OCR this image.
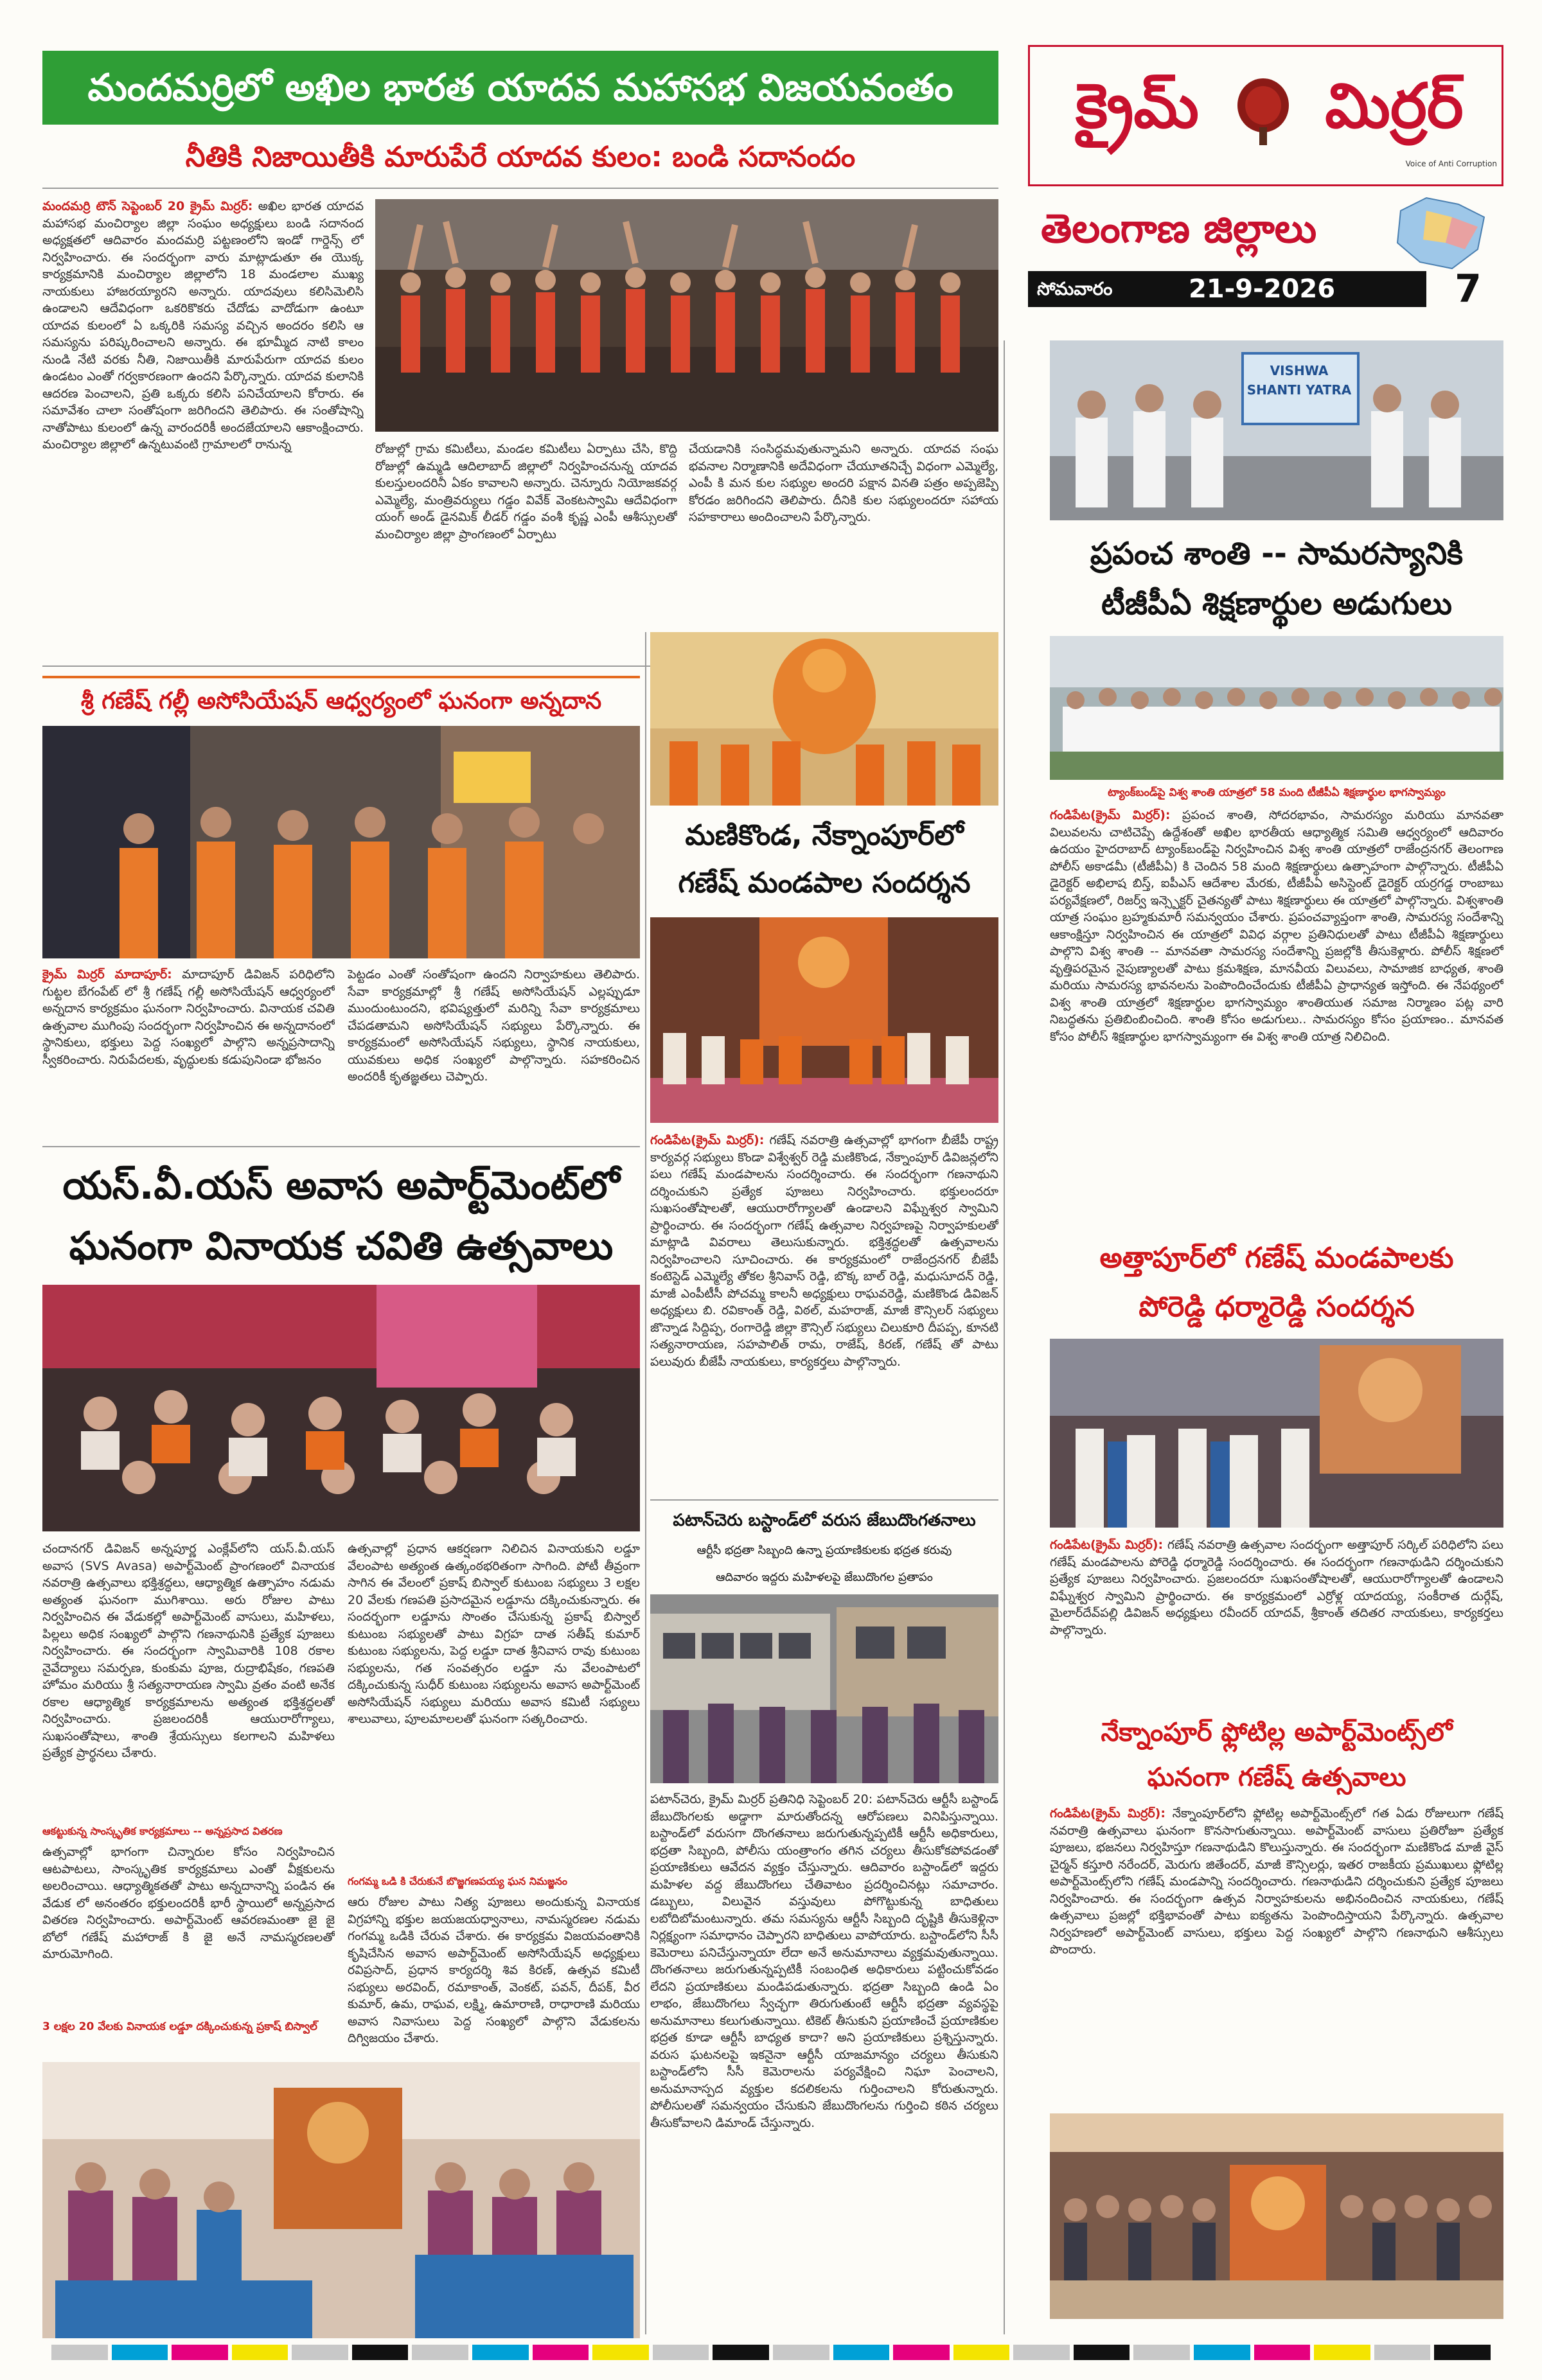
మందమర్రిలో అఖిల భారత యాదవ మహాసభ విజయవంతం
నీతికి నిజాయితీకి మారుపేరే యాదవ కులం: బండి సదానందం
మందమర్రి టౌన్ సెప్టెంబర్ 20 క్రైమ్ మిర్రర్: అఖిల భారత యాదవ మహాసభ మంచిర్యాల జిల్లా సంఘం అధ్యక్షులు బండి సదానంద అధ్యక్షతలో ఆదివారం మందమర్రి పట్టణంలోని ఇండో గార్డెన్స్ లో నిర్వహించారు. ఈ సందర్భంగా వారు మాట్లాడుతూ ఈ యొక్క కార్యక్రమానికి మంచిర్యాల జిల్లాలోని 18 మండలాల ముఖ్య నాయకులు హాజరయ్యారని అన్నారు. యాదవులు కలిసిమెలిసి ఉండాలని ఆదేవిధంగా ఒకరికొకరు చేదోడు వాదోడుగా ఉంటూ యాదవ కులంలో ఏ ఒక్కరికి సమస్య వచ్చిన అందరం కలిసి ఆ సమస్యను పరిష్కరించాలని అన్నారు. ఈ భూమ్మీద నాటి కాలం నుండి నేటి వరకు నీతి, నిజాయితీకి మారుపేరుగా యాదవ కులం ఉండటం ఎంతో గర్వకారణంగా ఉందని పేర్కొన్నారు. యాదవ కులానికి ఆదరణ పెంచాలని, ప్రతి ఒక్కరు కలిసి పనిచేయాలని కోరారు. ఈ సమావేశం చాలా సంతోషంగా జరిగిందని తెలిపారు. ఈ సంతోషాన్ని నాతోపాటు కులంలో ఉన్న వారందరికీ అందజేయాలని ఆకాంక్షించారు. మంచిర్యాల జిల్లాలో ఉన్నటువంటి గ్రామాలలో రానున్న	రోజుల్లో గ్రామ కమిటీలు, మండల కమిటీలు ఏర్పాటు చేసి, కొద్ది రోజుల్లో ఉమ్మడి ఆదిలాబాద్ జిల్లాలో నిర్వహించనున్న యాదవ కులస్తులందరినీ ఏకం కావాలని అన్నారు. చెన్నూరు నియోజకవర్గ ఎమ్మెల్యే, మంత్రివర్యులు గడ్డం వివేక్ వెంకటస్వామి ఆదేవిధంగా యంగ్ అండ్ డైనమిక్ లీడర్ గడ్డం వంశీ కృష్ణ ఎంపీ ఆశీస్సులతో మంచిర్యాల జిల్లా ప్రాంగణంలో ఏర్పాటు
చేయడానికి సంసిద్ధమవుతున్నామని అన్నారు. యాదవ సంఘ భవనాల నిర్మాణానికి అదేవిధంగా చేయూతనిచ్చే విధంగా ఎమ్మెల్యే, ఎంపీ కి మన కుల సభ్యుల అందరి పక్షాన వినతి పత్రం అప్పజెప్పి కోరడం జరిగిందని తెలిపారు. దీనికి కుల సభ్యులందరూ సహాయ సహకారాలు అందించాలని పేర్కొన్నారు.
శ్రీ గణేష్ గల్లీ అసోసియేషన్ ఆధ్వర్యంలో ఘనంగా అన్నదాన
క్రైమ్ మిర్రర్ మాదాపూర్: మాదాపూర్ డివిజన్ పరిధిలోని గుట్టల బేగంపేట్ లో శ్రీ గణేష్ గల్లీ అసోసియేషన్ ఆధ్వర్యంలో అన్నదాన కార్యక్రమం ఘనంగా నిర్వహించారు. వినాయక చవితి ఉత్సవాల ముగింపు సందర్భంగా నిర్వహించిన ఈ అన్నదానంలో స్థానికులు, భక్తులు పెద్ద సంఖ్యలో పాల్గొని అన్నప్రసాదాన్ని స్వీకరించారు. నిరుపేదలకు, వృద్ధులకు కడుపునిండా భోజనం
పెట్టడం ఎంతో సంతోషంగా ఉందని నిర్వాహకులు తెలిపారు. సేవా కార్యక్రమాల్లో శ్రీ గణేష్ అసోసియేషన్ ఎల్లప్పుడూ ముందుంటుందని, భవిష్యత్తులో మరిన్ని సేవా కార్యక్రమాలు చేపడతామని అసోసియేషన్ సభ్యులు పేర్కొన్నారు. ఈ కార్యక్రమంలో అసోసియేషన్ సభ్యులు, స్థానిక నాయకులు, యువకులు అధిక సంఖ్యలో పాల్గొన్నారు. సహకరించిన అందరికీ కృతజ్ఞతలు చెప్పారు.
యస్.వీ.యస్ అవాస అపార్ట్‌మెంట్‌లో
ఘనంగా వినాయక చవితి ఉత్సవాలు
చందానగర్ డివిజన్ అన్నపూర్ణ ఎంక్లేవ్‌లోని యస్.వీ.యస్ అవాస (SVS Avasa) అపార్ట్‌మెంట్ ప్రాంగణంలో వినాయక నవరాత్రి ఉత్సవాలు భక్తిశ్రద్ధలు, ఆధ్యాత్మిక ఉత్సాహం నడుమ అత్యంత ఘనంగా ముగిశాయి. అరు రోజుల పాటు నిర్వహించిన ఈ వేడుకల్లో అపార్ట్‌మెంట్ వాసులు, మహిళలు, పిల్లలు అధిక సంఖ్యలో పాల్గొని గణనాథునికి ప్రత్యేక పూజలు నిర్వహించారు. ఈ సందర్భంగా స్వామివారికి 108 రకాల నైవేద్యాలు సమర్పణ, కుంకుమ పూజ, రుద్రాభిషేకం, గణపతి హోమం మరియు శ్రీ సత్యనారాయణ స్వామి వ్రతం వంటి అనేక రకాల ఆధ్యాత్మిక కార్యక్రమాలను అత్యంత భక్తిశ్రద్ధలతో నిర్వహించారు. ప్రజలందరికీ ఆయురారోగ్యాలు, సుఖసంతోషాలు, శాంతి శ్రేయస్సులు కలగాలని మహిళలు ప్రత్యేక ప్రార్థనలు చేశారు.
ఆకట్టుకున్న సాంస్కృతిక కార్యక్రమాలు -- అన్నప్రసాద వితరణ
ఉత్సవాల్లో భాగంగా చిన్నారుల కోసం నిర్వహించిన ఆటపాటలు, సాంస్కృతిక కార్యక్రమాలు ఎంతో వీక్షకులను అలరించాయి. ఆధ్యాత్మికతతో పాటు అన్నదానాన్ని పండిన ఈ వేడుక లో అనంతరం భక్తులందరికీ భారీ స్థాయిలో అన్నప్రసాద వితరణ నిర్వహించారు. అపార్ట్‌మెంట్ ఆవరణమంతా జై జై బోలో గణేష్ మహారాజ్ కి జై అనే నామస్మరణలతో మారుమోగింది.
3 లక్షల 20 వేలకు వినాయక లడ్డూ దక్కించుకున్న ప్రకాష్ బిస్వాల్
ఉత్సవాల్లో ప్రధాన ఆకర్షణగా నిలిచిన వినాయకుని లడ్డూ వేలంపాట అత్యంత ఉత్కంఠభరితంగా సాగింది. పోటీ తీవ్రంగా సాగిన ఈ వేలంలో ప్రకాష్ బిస్వాల్ కుటుంబ సభ్యులు 3 లక్షల 20 వేలకు గణపతి ప్రసాదమైన లడ్డూను దక్కించుకున్నారు. ఈ సందర్భంగా లడ్డూను సొంతం చేసుకున్న ప్రకాష్ బిస్వాల్ కుటుంబ సభ్యులతో పాటు విగ్రహ దాత సతీష్ కుమార్ కుటుంబ సభ్యులను, పెద్ద లడ్డూ దాత శ్రీనివాస రావు కుటుంబ సభ్యులను, గత సంవత్సరం లడ్డూ ను వేలంపాటలో దక్కించుకున్న సుధీర్ కుటుంబ సభ్యులను అవాస అపార్ట్‌మెంట్ అసోసియేషన్ సభ్యులు మరియు అవాస కమిటీ సభ్యులు శాలువాలు, పూలమాలలతో ఘనంగా సత్కరించారు.
గంగమ్మ ఒడి కి చేరుకునే బొజ్జగణపయ్య ఘన నిమజ్జనం
ఆరు రోజుల పాటు నిత్య పూజలు అందుకున్న వినాయక విగ్రహాన్ని భక్తుల జయజయధ్వానాలు, నామస్మరణల నడుమ గంగమ్మ ఒడికి చేరువ చేశారు. ఈ కార్యక్రమ విజయవంతానికి కృషిచేసిన అవాస అపార్ట్‌మెంట్ అసోసియేషన్ అధ్యక్షులు రవిప్రసాద్, ప్రధాన కార్యదర్శి శివ కిరణ్, ఉత్సవ కమిటీ సభ్యులు అరవింద్, రమాకాంత్, వెంకట్, పవన్, దీపక్, వీర కుమార్, ఉమ, రాఘవ, లక్ష్మి, ఉమారాణి, రాధారాణి మరియు అవాస నివాసులు పెద్ద సంఖ్యలో పాల్గొని వేడుకలను దిగ్విజయం చేశారు.
మణికొండ, నేక్నాంపూర్‌లో
గణేష్ మండపాల సందర్శన
గండిపేట(క్రైమ్ మిర్రర్): గణేష్ నవరాత్రి ఉత్సవాల్లో భాగంగా బీజేపీ రాష్ట్ర కార్యవర్గ సభ్యులు కొండా విశ్వేశ్వర్ రెడ్డి మణికొండ, నేక్నాంపూర్ డివిజన్లలోని పలు గణేష్ మండపాలను సందర్శించారు. ఈ సందర్భంగా గణనాథుని దర్శించుకుని ప్రత్యేక పూజలు నిర్వహించారు. భక్తులందరూ సుఖసంతోషాలతో, ఆయురారోగ్యాలతో ఉండాలని విఘ్నేశ్వర స్వామిని ప్రార్థించారు. ఈ సందర్భంగా గణేష్ ఉత్సవాల నిర్వహణపై నిర్వాహకులతో మాట్లాడి వివరాలు తెలుసుకున్నారు. భక్తిశ్రద్ధలతో ఉత్సవాలను నిర్వహించాలని సూచించారు. ఈ కార్యక్రమంలో రాజేంద్రనగర్ బీజేపీ కంటెస్టెడ్ ఎమ్మెల్యే తోకల శ్రీనివాస్ రెడ్డి, బొక్క బాల్ రెడ్డి, మధుసూదన్ రెడ్డి, మాజీ ఎంపీటీసీ పోచమ్మ కాలనీ అధ్యక్షులు రాఘవరెడ్డి, మణికొండ డివిజన్ అధ్యక్షులు బి. రవికాంత్ రెడ్డి, విఠల్, మహరాజ్, మాజీ కౌన్సిలర్ సభ్యులు జొన్నాడ సిద్దిప్ప, రంగారెడ్డి జిల్లా కౌన్సిల్ సభ్యులు చిలుకూరి దీపప్ప, కూనటి సత్యనారాయణ, సహపాలిత్ రామ, రాజేష్, కిరణ్, గణేష్ తో పాటు పలువురు బీజేపీ నాయకులు, కార్యకర్తలు పాల్గొన్నారు.
పటాన్‌చెరు బస్టాండ్‌లో వరుస జేబుదొంగతనాలు
ఆర్టీసీ భద్రతా సిబ్బంది ఉన్నా ప్రయాణికులకు భద్రత కరువు
ఆదివారం ఇద్దరు మహిళలపై జేబుదొంగల ప్రతాపం
పటాన్‌చెరు, క్రైమ్ మిర్రర్ ప్రతినిధి సెప్టెంబర్ 20: పటాన్‌చెరు ఆర్టీసీ బస్టాండ్ జేబుదొంగలకు అడ్డాగా మారుతోందన్న ఆరోపణలు వినిపిస్తున్నాయి. బస్టాండ్‌లో వరుసగా దొంగతనాలు జరుగుతున్నప్పటికీ ఆర్టీసీ అధికారులు, భద్రతా సిబ్బంది, పోలీసు యంత్రాంగం తగిన చర్యలు తీసుకోకపోవడంతో ప్రయాణికులు ఆవేదన వ్యక్తం చేస్తున్నారు. ఆదివారం బస్టాండ్‌లో ఇద్దరు మహిళల వద్ద జేబుదొంగలు చేతివాటం ప్రదర్శించినట్లు సమాచారం. డబ్బులు, విలువైన వస్తువులు పోగొట్టుకున్న బాధితులు లబోదిబోమంటున్నారు. తమ సమస్యను ఆర్టీసీ సిబ్బంది దృష్టికి తీసుకెళ్లినా నిర్లక్ష్యంగా సమాధానం చెప్పారని బాధితులు వాపోయారు. బస్టాండ్‌లోని సీసీ కెమెరాలు పనిచేస్తున్నాయా లేదా అనే అనుమానాలు వ్యక్తమవుతున్నాయి. దొంగతనాలు జరుగుతున్నప్పటికీ సంబంధిత అధికారులు పట్టించుకోవడం లేదని ప్రయాణికులు మండిపడుతున్నారు. భద్రతా సిబ్బంది ఉండి ఏం లాభం, జేబుదొంగలు స్వేచ్ఛగా తిరుగుతుంటే ఆర్టీసీ భద్రతా వ్యవస్థపై అనుమానాలు కలుగుతున్నాయి. టికెట్ తీసుకుని ప్రయాణించే ప్రయాణికుల భద్రత కూడా ఆర్టీసీ బాధ్యత కాదా? అని ప్రయాణికులు ప్రశ్నిస్తున్నారు. వరుస ఘటనలపై ఇకనైనా ఆర్టీసీ యాజమాన్యం చర్యలు తీసుకుని బస్టాండ్‌లోని సీసీ కెమెరాలను పర్యవేక్షించి నిఘా పెంచాలని, అనుమానాస్పద వ్యక్తుల కదలికలను గుర్తించాలని కోరుతున్నారు. పోలీసులతో సమన్వయం చేసుకుని జేబుదొంగలను గుర్తించి కఠిన చర్యలు తీసుకోవాలని డిమాండ్ చేస్తున్నారు.
క్రైమ్	మిర్రర్
Voice of Anti Corruption
తెలంగాణ జిల్లాలు
సోమవారం	21-9-2026	7
VISHWA SHANTI YATRA
ప్రపంచ శాంతి -- సామరస్యానికి
టీజీపీఏ శిక్షణార్థుల అడుగులు
ట్యాంక్‌బండ్‌పై విశ్వ శాంతి యాత్రలో 58 మంది టీజీపీఏ శిక్షణార్థుల భాగస్వామ్యం
గండిపేట(క్రైమ్ మిర్రర్): ప్రపంచ శాంతి, సోదరభావం, సామరస్యం మరియు మానవతా విలువలను చాటిచెప్పే ఉద్దేశంతో అఖిల భారతీయ ఆధ్యాత్మిక సమితి ఆధ్వర్యంలో ఆదివారం ఉదయం హైదరాబాద్ ట్యాంక్‌బండ్‌పై నిర్వహించిన విశ్వ శాంతి యాత్రలో రాజేంద్రనగర్ తెలంగాణ పోలీస్ అకాడమీ (టీజీపీఏ) కి చెందిన 58 మంది శిక్షణార్థులు ఉత్సాహంగా పాల్గొన్నారు. టీజీపీఏ డైరెక్టర్ అభిలాష బిస్త్, ఐపీఎస్ ఆదేశాల మేరకు, టీజీపీఏ అసిస్టెంట్ డైరెక్టర్ యర్రగడ్డ రాంబాబు పర్యవేక్షణలో, రిజర్వ్ ఇన్స్పెక్టర్ చైతన్యతో పాటు శిక్షణార్థులు ఈ యాత్రలో పాల్గొన్నారు. విశ్వశాంతి యాత్ర సంఘం బ్రహ్మకుమారీ సమన్వయం చేశారు. ప్రపంచవ్యాప్తంగా శాంతి, సామరస్య సందేశాన్ని ఆకాంక్షిస్తూ నిర్వహించిన ఈ యాత్రలో వివిధ వర్గాల ప్రతినిధులతో పాటు టీజీపీఏ శిక్షణార్థులు పాల్గొని విశ్వ శాంతి -- మానవతా సామరస్య సందేశాన్ని ప్రజల్లోకి తీసుకెళ్లారు. పోలీస్ శిక్షణలో వృత్తిపరమైన నైపుణ్యాలతో పాటు క్రమశిక్షణ, మానవీయ విలువలు, సామాజిక బాధ్యత, శాంతి మరియు సామరస్య భావనలను పెంపొందించేందుకు టీజీపీఏ ప్రాధాన్యత ఇస్తోంది. ఈ నేపథ్యంలో విశ్వ శాంతి యాత్రలో శిక్షణార్థుల భాగస్వామ్యం శాంతియుత సమాజ నిర్మాణం పట్ల వారి నిబద్ధతను ప్రతిబింబించింది. శాంతి కోసం అడుగులు.. సామరస్యం కోసం ప్రయాణం.. మానవత కోసం పోలీస్ శిక్షణార్థుల భాగస్వామ్యంగా ఈ విశ్వ శాంతి యాత్ర నిలిచింది.
అత్తాపూర్‌లో గణేష్ మండపాలకు
పోరెడ్డి ధర్మారెడ్డి సందర్శన
గండిపేట(క్రైమ్ మిర్రర్): గణేష్ నవరాత్రి ఉత్సవాల సందర్భంగా అత్తాపూర్ సర్కిల్ పరిధిలోని పలు గణేష్ మండపాలను పోరెడ్డి ధర్మారెడ్డి సందర్శించారు. ఈ సందర్భంగా గణనాథుడిని దర్శించుకుని ప్రత్యేక పూజలు నిర్వహించారు. ప్రజలందరూ సుఖసంతోషాలతో, ఆయురారోగ్యాలతో ఉండాలని విఘ్నేశ్వర స్వామిని ప్రార్థించారు. ఈ కార్యక్రమంలో ఎర్రోళ్ల యాదయ్య, సంకీరాత దుర్గేష్, మైలార్‌దేవ్‌పల్లి డివిజన్ అధ్యక్షులు రవీందర్ యాదవ్, శ్రీకాంత్ తదితర నాయకులు, కార్యకర్తలు పాల్గొన్నారు.
నేక్నాంపూర్ ఫ్లోటిల్ల అపార్ట్‌మెంట్స్‌లో
ఘనంగా గణేష్ ఉత్సవాలు
గండిపేట(క్రైమ్ మిర్రర్): నేక్నాంపూర్‌లోని ఫ్లోటిల్ల అపార్ట్‌మెంట్స్‌లో గత ఏడు రోజులుగా గణేష్ నవరాత్రి ఉత్సవాలు ఘనంగా కొనసాగుతున్నాయి. అపార్ట్‌మెంట్ వాసులు ప్రతిరోజూ ప్రత్యేక పూజలు, భజనలు నిర్వహిస్తూ గణనాథుడిని కొలుస్తున్నారు. ఈ సందర్భంగా మణికొండ మాజీ వైస్ చైర్మన్ కస్తూరి నరేందర్, మెరుగు జితేందర్, మాజీ కౌన్సిలర్లు, ఇతర రాజకీయ ప్రముఖులు ఫ్లోటిల్ల అపార్ట్‌మెంట్స్‌లోని గణేష్ మండపాన్ని సందర్శించారు. గణనాథుడిని దర్శించుకుని ప్రత్యేక పూజలు నిర్వహించారు. ఈ సందర్భంగా ఉత్సవ నిర్వాహకులను అభినందించిన నాయకులు, గణేష్ ఉత్సవాలు ప్రజల్లో భక్తిభావంతో పాటు ఐక్యతను పెంపొందిస్తాయని పేర్కొన్నారు. ఉత్సవాల నిర్వహణలో అపార్ట్‌మెంట్ వాసులు, భక్తులు పెద్ద సంఖ్యలో పాల్గొని గణనాథుని ఆశీస్సులు పొందారు.
